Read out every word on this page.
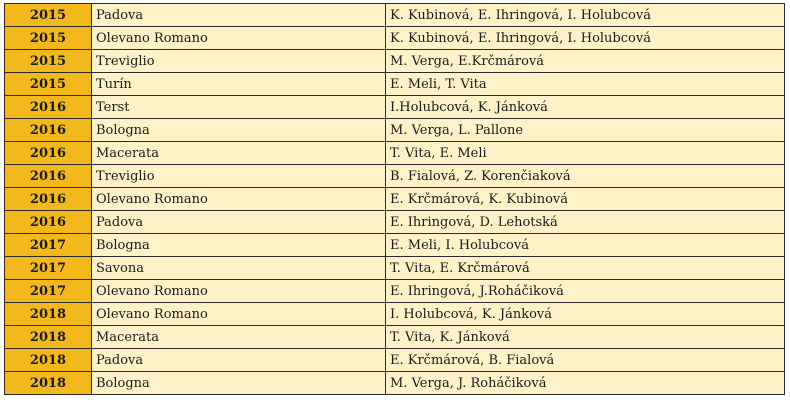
2015	Padova	K. Kubinová, E. Ihringová, I. Holubcová
2015	Olevano Romano	K. Kubinová, E. Ihringová, I. Holubcová
2015	Treviglio	M. Verga, E.Krčmárová
2015	Turín	E. Meli, T. Vita
2016	Terst	I.Holubcová, K. Jánková
2016	Bologna	M. Verga, L. Pallone
2016	Macerata	T. Vita, E. Meli
2016	Treviglio	B. Fialová, Z. Korenčiaková
2016	Olevano Romano	E. Krčmárová, K. Kubinová
2016	Padova	E. Ihringová, D. Lehotská
2017	Bologna	E. Meli, I. Holubcová
2017	Savona	T. Vita, E. Krčmárová
2017	Olevano Romano	E. Ihringová, J.Roháčiková
2018	Olevano Romano	I. Holubcová, K. Jánková
2018	Macerata	T. Vita, K. Jánková
2018	Padova	E. Krčmárová, B. Fialová
2018	Bologna	M. Verga, J. Roháčiková
